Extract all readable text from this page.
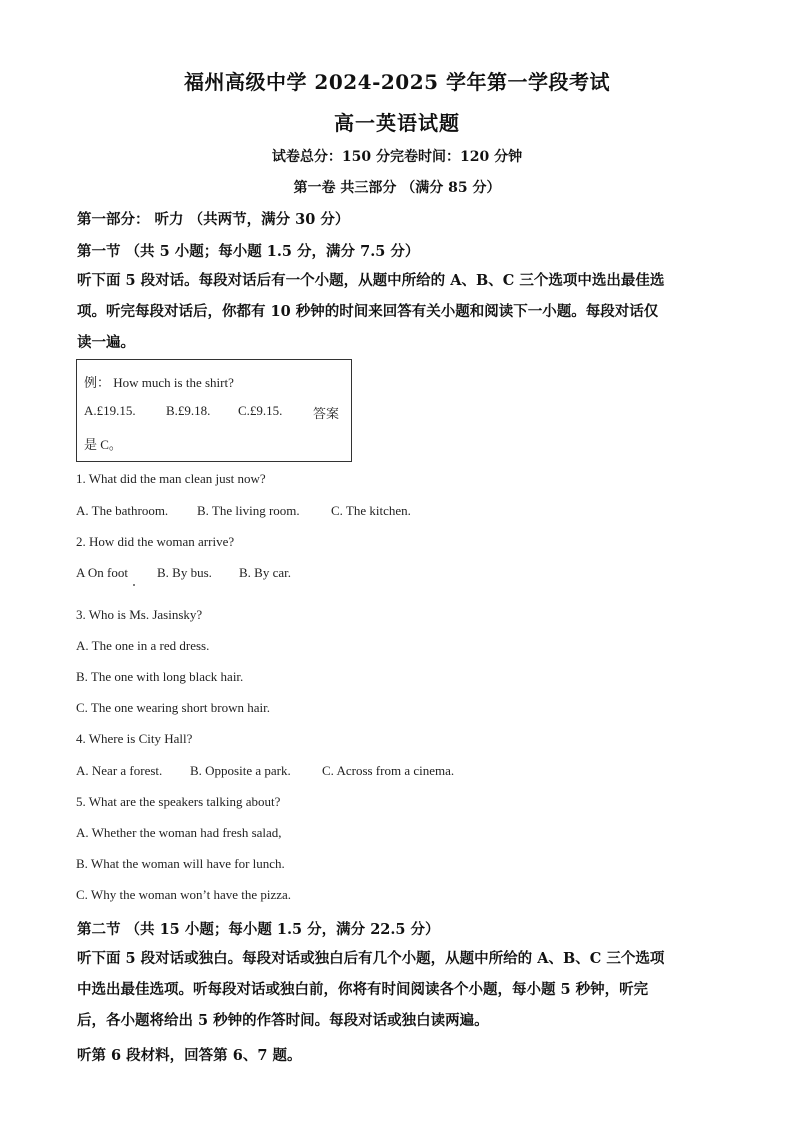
福州高级中学 2024-2025 学年第一学段考试
高一英语试题
试卷总分：150 分完卷时间：120 分钟
第一卷 共三部分 （满分 85 分）
第一部分： 听力 （共两节，满分 30 分）
第一节 （共 5 小题；每小题 1.5 分，满分 7.5 分）
听下面 5 段对话。每段对话后有一个小题，从题中所给的 A、B、C 三个选项中选出最佳选
项。听完每段对话后，你都有 10 秒钟的时间来回答有关小题和阅读下一小题。每段对话仅
读一遍。
例： How much is the shirt?
A.£19.15. B.£9.18. C.£9.15. 答案
是 C。
1. What did the man clean just now?
A. The bathroom. B. The living room. C. The kitchen.
2. How did the woman arrive?
A On foot B. By bus. B. By car.
3. Who is Ms. Jasinsky?
A. The one in a red dress.
B. The one with long black hair.
C. The one wearing short brown hair.
4. Where is City Hall?
A. Near a forest. B. Opposite a park. C. Across from a cinema.
5. What are the speakers talking about?
A. Whether the woman had fresh salad,
B. What the woman will have for lunch.
C. Why the woman won’t have the pizza.
第二节 （共 15 小题；每小题 1.5 分，满分 22.5 分）
听下面 5 段对话或独白。每段对话或独白后有几个小题，从题中所给的 A、B、C 三个选项
中选出最佳选项。听每段对话或独白前，你将有时间阅读各个小题，每小题 5 秒钟，听完
后，各小题将给出 5 秒钟的作答时间。每段对话或独白读两遍。
听第 6 段材料，回答第 6、7 题。
